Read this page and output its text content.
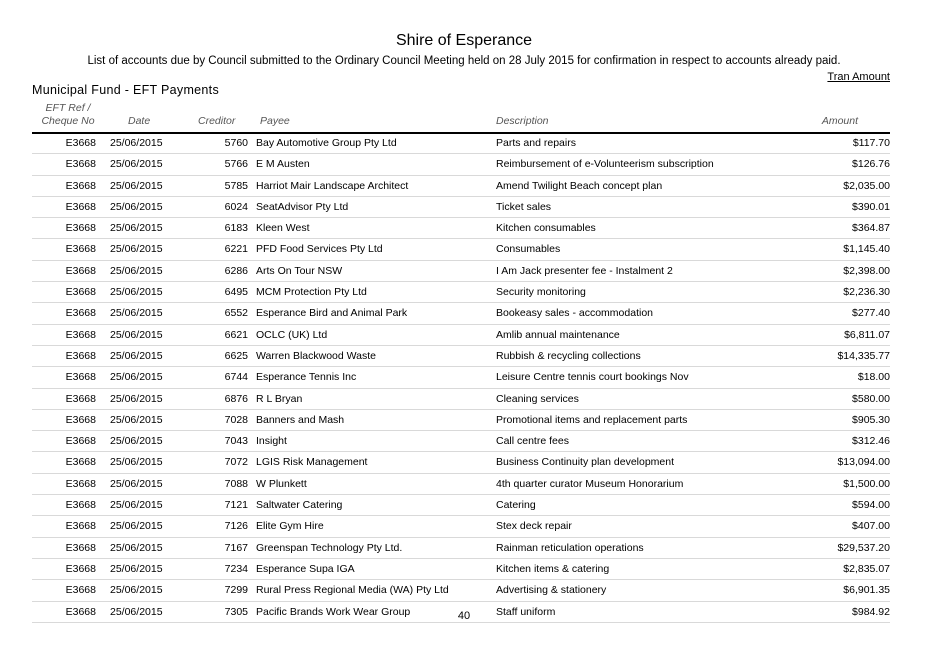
Shire of Esperance
List of accounts due by Council submitted to the Ordinary Council Meeting held on 28 July 2015 for confirmation in respect to accounts already paid.
Tran Amount
Municipal Fund - EFT Payments
EFT Ref /
Cheque No	Date	Creditor Payee	Description	Amount
E3668 25/06/2015	5760 Bay Automotive Group Pty Ltd	Parts and repairs	$117.70
E3668 25/06/2015	5766 E M Austen	Reimbursement of e-Volunteerism subscription	$126.76
E3668 25/06/2015	5785 Harriot Mair Landscape Architect	Amend Twilight Beach concept plan	$2,035.00
E3668 25/06/2015	6024 SeatAdvisor Pty Ltd	Ticket sales	$390.01
E3668 25/06/2015	6183 Kleen West	Kitchen consumables	$364.87
E3668 25/06/2015	6221 PFD Food Services Pty Ltd	Consumables	$1,145.40
E3668 25/06/2015	6286 Arts On Tour NSW	I Am Jack presenter fee - Instalment 2	$2,398.00
E3668 25/06/2015	6495 MCM Protection Pty Ltd	Security monitoring	$2,236.30
E3668 25/06/2015	6552 Esperance Bird and Animal Park	Bookeasy sales - accommodation	$277.40
E3668 25/06/2015	6621 OCLC (UK) Ltd	Amlib annual maintenance	$6,811.07
E3668 25/06/2015	6625 Warren Blackwood Waste	Rubbish & recycling collections	$14,335.77
E3668 25/06/2015	6744 Esperance Tennis Inc	Leisure Centre tennis court bookings Nov	$18.00
E3668 25/06/2015	6876 R L Bryan	Cleaning services	$580.00
E3668 25/06/2015	7028 Banners and Mash	Promotional items and replacement parts	$905.30
E3668 25/06/2015	7043 Insight	Call centre fees	$312.46
E3668 25/06/2015	7072 LGIS Risk Management	Business Continuity plan development	$13,094.00
E3668 25/06/2015	7088 W Plunkett	4th quarter curator Museum Honorarium	$1,500.00
E3668 25/06/2015	7121 Saltwater Catering	Catering	$594.00
E3668 25/06/2015	7126 Elite Gym Hire	Stex deck repair	$407.00
E3668 25/06/2015	7167 Greenspan Technology Pty Ltd.	Rainman reticulation operations	$29,537.20
E3668 25/06/2015	7234 Esperance Supa IGA	Kitchen items & catering	$2,835.07
E3668 25/06/2015	7299 Rural Press Regional Media (WA) Pty Ltd	Advertising & stationery	$6,901.35
E3668 25/06/2015	7305 Pacific Brands Work Wear Group	Staff uniform	$984.92
40
